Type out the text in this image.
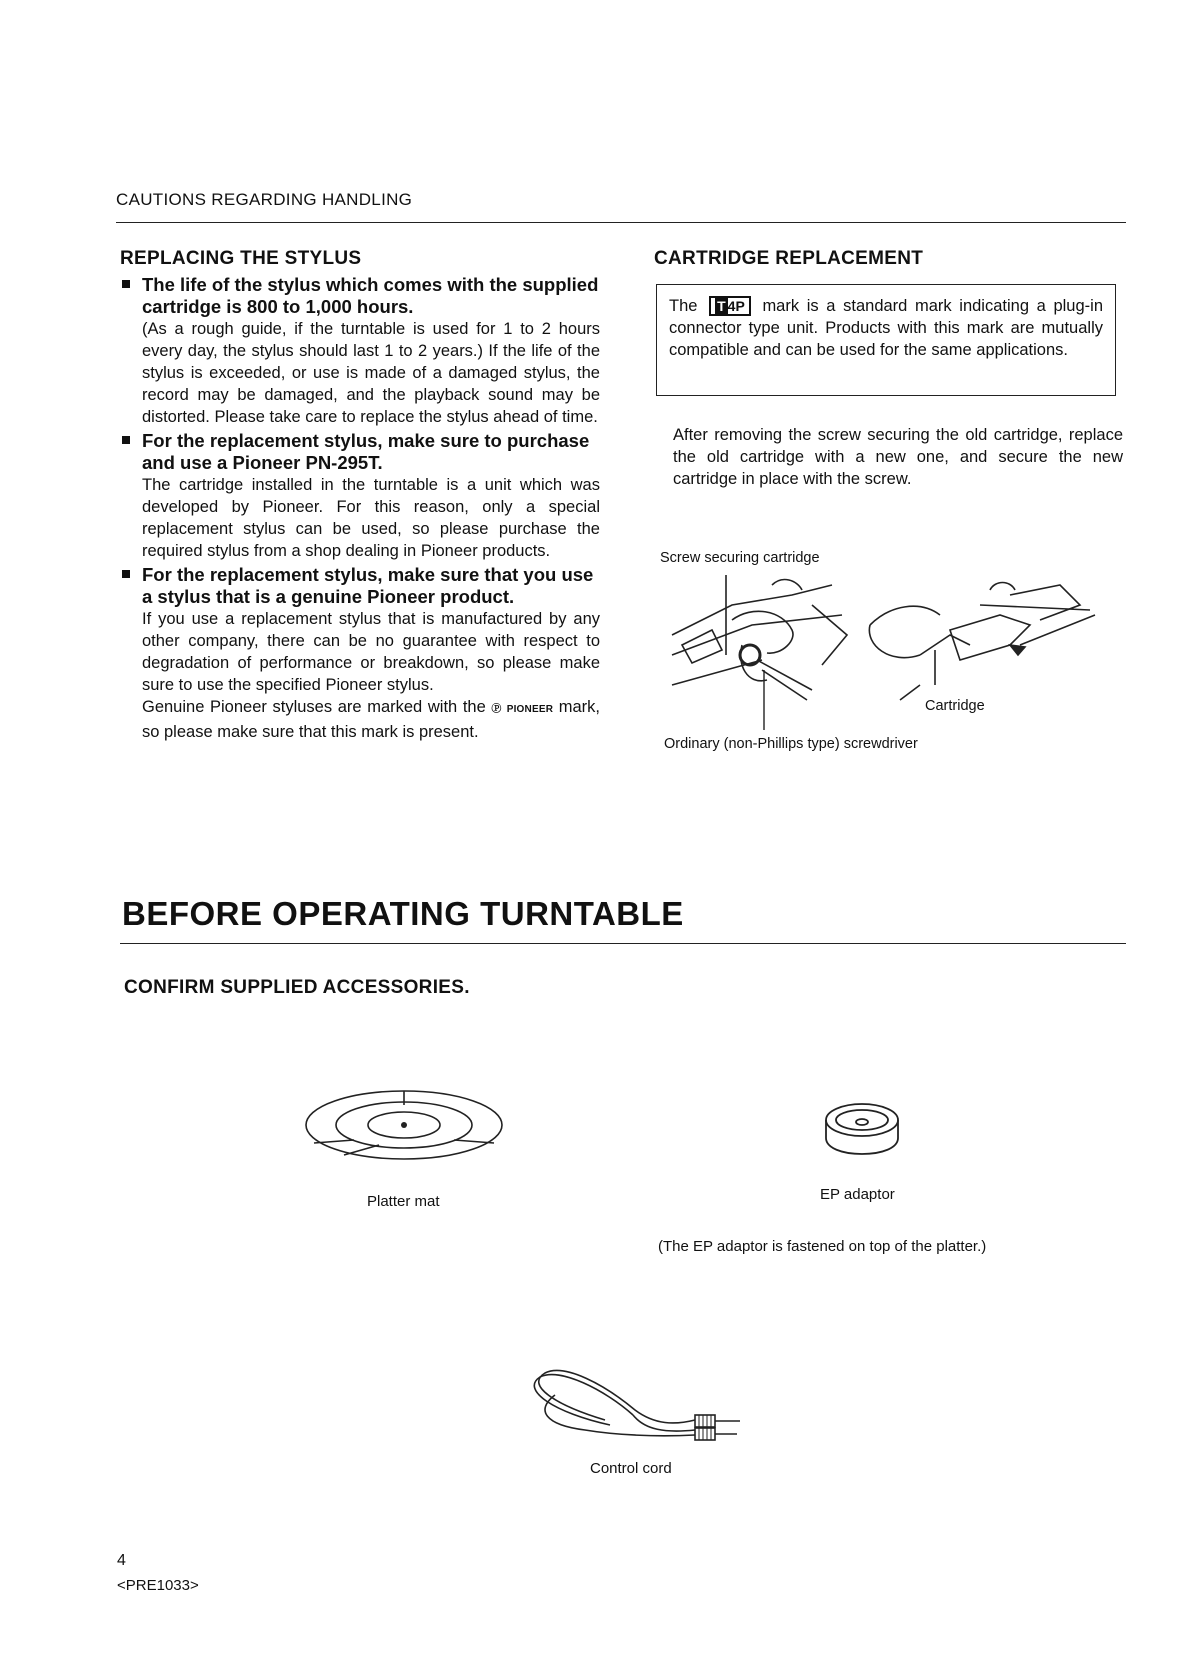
CAUTIONS REGARDING HANDLING
REPLACING THE STYLUS

The life of the stylus which comes with the supplied cartridge is 800 to 1,000 hours.

(As a rough guide, if the turntable is used for 1 to 2 hours every day, the stylus should last 1 to 2 years.) If the life of the stylus is exceeded, or use is made of a damaged stylus, the record may be damaged, and the playback sound may be distorted. Please take care to replace the stylus ahead of time.

For the replacement stylus, make sure to purchase and use a Pioneer PN-295T.

The cartridge installed in the turntable is a unit which was developed by Pioneer. For this reason, only a special replacement stylus can be used, so please purchase the required stylus from a shop dealing in Pioneer products.

For the replacement stylus, make sure that you use a stylus that is a genuine Pioneer product.

If you use a replacement stylus that is manufactured by any other company, there can be no guarantee with respect to degradation of performance or breakdown, so please make sure to use the specified Pioneer stylus.

Genuine Pioneer styluses are marked with the Ⓟ PIONEER mark, so please make sure that this mark is present.

CARTRIDGE REPLACEMENT
The T 4P mark is a standard mark indicating a plug-in connector type unit. Products with this mark are mutually compatible and can be used for the same applications.
After removing the screw securing the old cartridge, replace the old cartridge with a new one, and secure the new cartridge in place with the screw.
Screw securing cartridge
Cartridge
Ordinary (non-Phillips type) screwdriver
BEFORE OPERATING TURNTABLE
CONFIRM SUPPLIED ACCESSORIES.
Platter mat	EP adaptor
(The EP adaptor is fastened on top of the platter.)
Control cord
4
<PRE1033>
